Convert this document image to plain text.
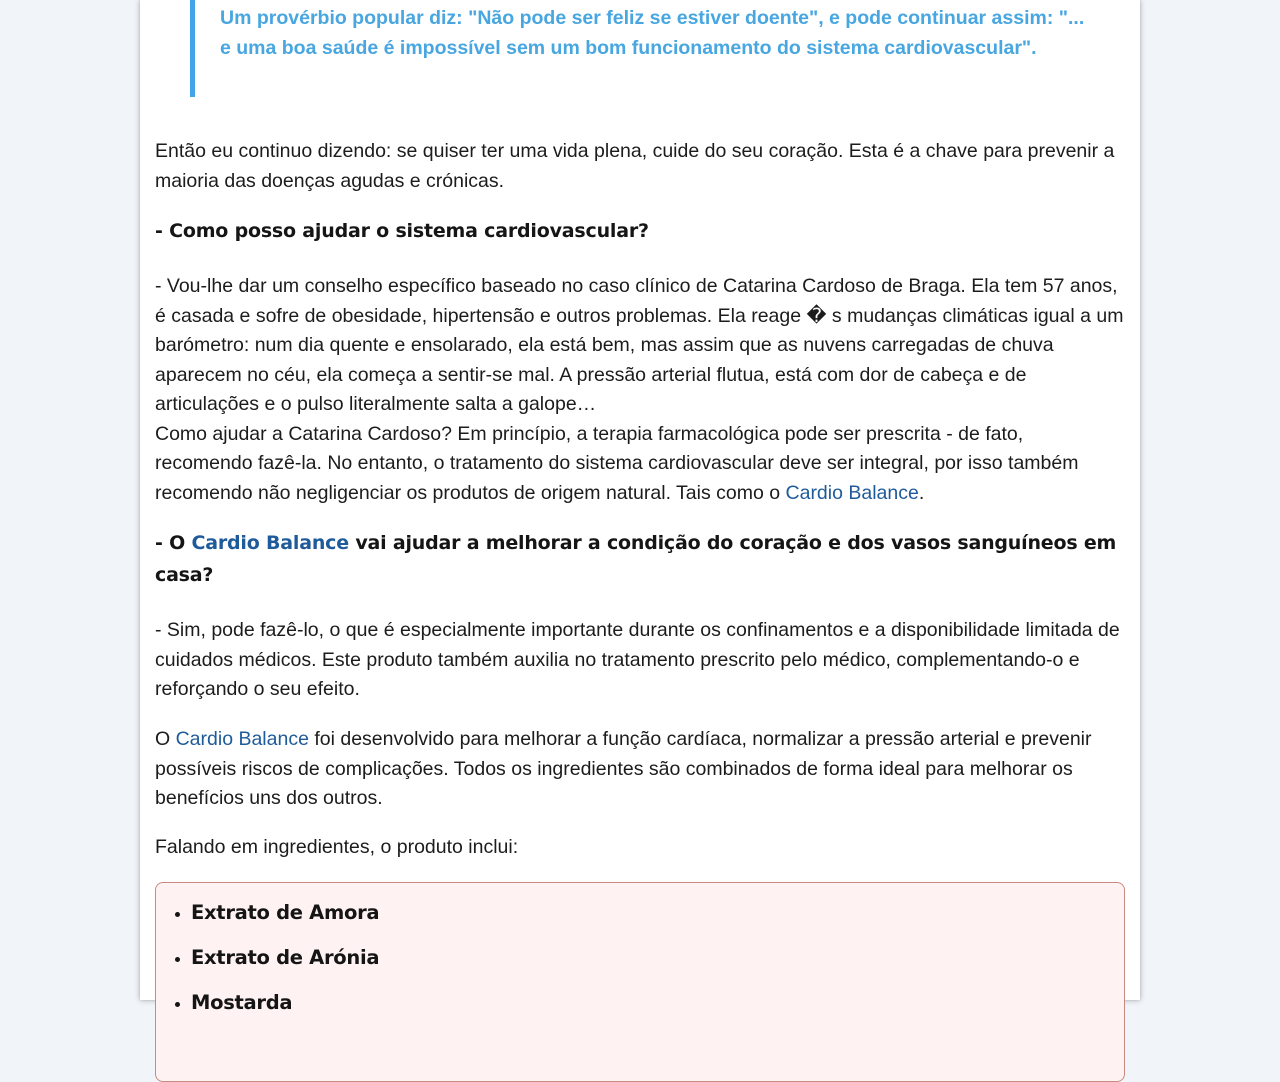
Um provérbio popular diz: "Não pode ser feliz se estiver doente", e pode continuar assim: "... e uma boa saúde é impossível sem um bom funcionamento do sistema cardiovascular".

Então eu continuo dizendo: se quiser ter uma vida plena, cuide do seu coração. Esta é a chave para prevenir a maioria das doenças agudas e crónicas.

- Como posso ajudar o sistema cardiovascular?

- Vou-lhe dar um conselho específico baseado no caso clínico de Catarina Cardoso de Braga. Ela tem 57 anos, é casada e sofre de obesidade, hipertensão e outros problemas. Ela reage � s mudanças climáticas igual a um barómetro: num dia quente e ensolarado, ela está bem, mas assim que as nuvens carregadas de chuva aparecem no céu, ela começa a sentir-se mal. A pressão arterial flutua, está com dor de cabeça e de articulações e o pulso literalmente salta a galope…

Como ajudar a Catarina Cardoso? Em princípio, a terapia farmacológica pode ser prescrita - de fato, recomendo fazê-la. No entanto, o tratamento do sistema cardiovascular deve ser integral, por isso também recomendo não negligenciar os produtos de origem natural. Tais como o Cardio Balance.

- O Cardio Balance vai ajudar a melhorar a condição do coração e dos vasos sanguíneos em casa?

- Sim, pode fazê-lo, o que é especialmente importante durante os confinamentos e a disponibilidade limitada de cuidados médicos. Este produto também auxilia no tratamento prescrito pelo médico, complementando-o e reforçando o seu efeito.

O Cardio Balance foi desenvolvido para melhorar a função cardíaca, normalizar a pressão arterial e prevenir possíveis riscos de complicações. Todos os ingredientes são combinados de forma ideal para melhorar os benefícios uns dos outros.

Falando em ingredientes, o produto inclui:

• Extrato de Amora
• Extrato de Arónia
• Mostarda
